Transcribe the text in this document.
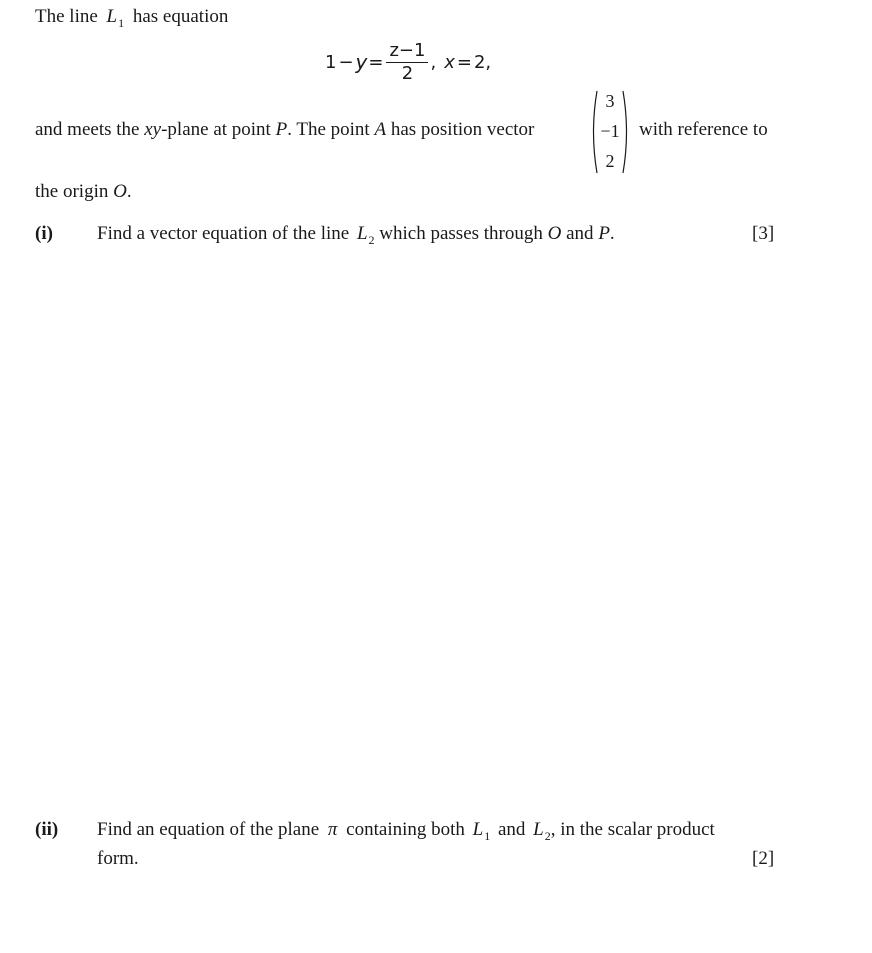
The line $L_1$ has equation
$1 - y = \frac{z-1}{2}$ , x = 2 ,
and meets the xy-plane at point P. The point A has position vector
3
−1
2
with reference to
the origin O.
(i) Find a vector equation of the line $L_2$ which passes through O and P.	[3]
(ii) Find an equation of the plane π containing both $L_1$ and $L_2$, in the scalar product
form.	[2]
